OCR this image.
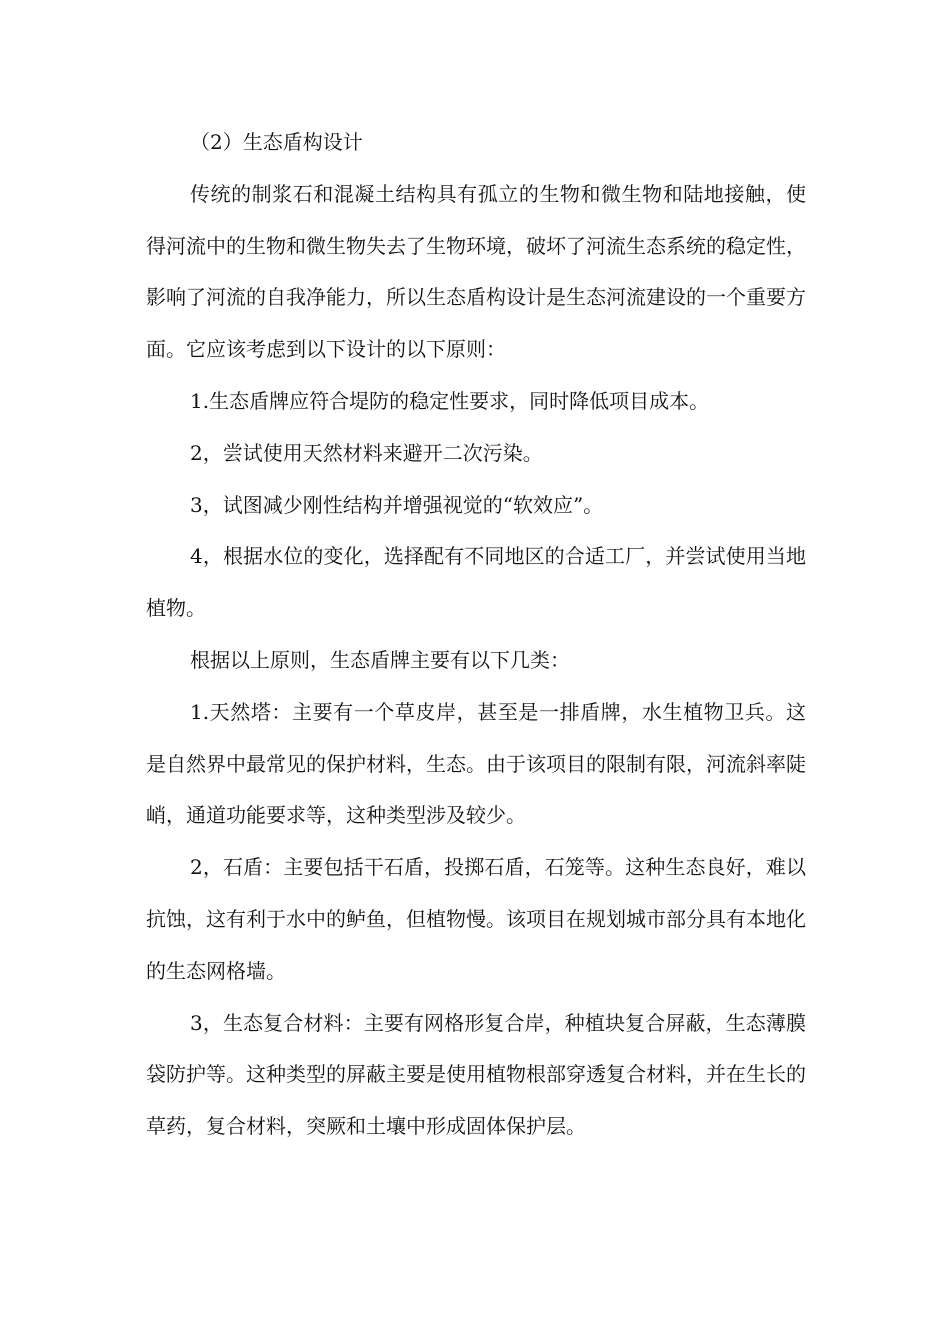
（2）生态盾构设计

传统的制浆石和混凝土结构具有孤立的生物和微生物和陆地接触，使得河流中的生物和微生物失去了生物环境，破坏了河流生态系统的稳定性，影响了河流的自我净能力，所以生态盾构设计是生态河流建设的一个重要方面。它应该考虑到以下设计的以下原则：

1.生态盾牌应符合堤防的稳定性要求，同时降低项目成本。

2，尝试使用天然材料来避开二次污染。

3，试图减少刚性结构并增强视觉的“软效应”。

4，根据水位的变化，选择配有不同地区的合适工厂，并尝试使用当地植物。

根据以上原则，生态盾牌主要有以下几类：

1.天然塔：主要有一个草皮岸，甚至是一排盾牌，水生植物卫兵。这是自然界中最常见的保护材料，生态。由于该项目的限制有限，河流斜率陡峭，通道功能要求等，这种类型涉及较少。

2，石盾：主要包括干石盾，投掷石盾，石笼等。这种生态良好，难以抗蚀，这有利于水中的鲈鱼，但植物慢。该项目在规划城市部分具有本地化的生态网格墙。

3，生态复合材料：主要有网格形复合岸，种植块复合屏蔽，生态薄膜袋防护等。这种类型的屏蔽主要是使用植物根部穿透复合材料，并在生长的草药，复合材料，突厥和土壤中形成固体保护层。
